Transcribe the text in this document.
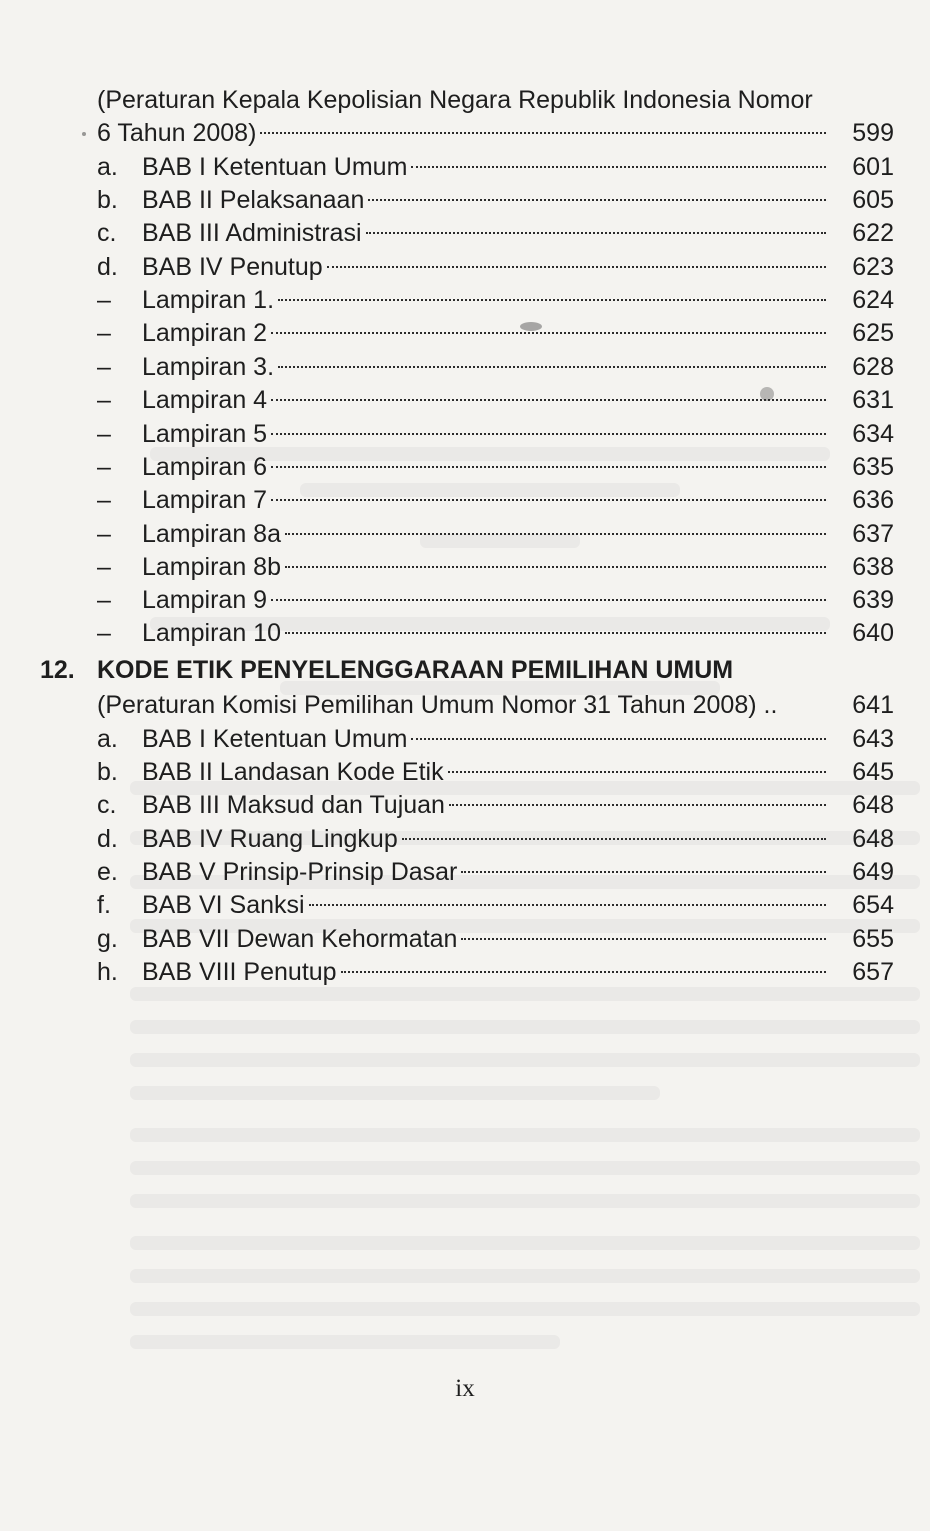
(Peraturan Kepala Kepolisian Negara Republik Indonesia Nomor
6 Tahun 2008)	599
a. BAB I Ketentuan Umum	601
b. BAB II Pelaksanaan	605
c. BAB III Administrasi	622
d. BAB IV Penutup	623
– Lampiran 1.	624
– Lampiran 2	625
– Lampiran 3.	628
– Lampiran 4	631
– Lampiran 5	634
– Lampiran 6	635
– Lampiran 7	636
– Lampiran 8a	637
– Lampiran 8b	638
– Lampiran 9	639
– Lampiran 10	640
12. KODE ETIK PENYELENGGARAAN PEMILIHAN UMUM
(Peraturan Komisi Pemilihan Umum Nomor 31 Tahun 2008) ..	641
a. BAB I Ketentuan Umum	643
b. BAB II Landasan Kode Etik	645
c. BAB III Maksud dan Tujuan	648
d. BAB IV Ruang Lingkup	648
e. BAB V Prinsip-Prinsip Dasar	649
f. BAB VI Sanksi	654
g. BAB VII Dewan Kehormatan	655
h. BAB VIII Penutup	657
ix
